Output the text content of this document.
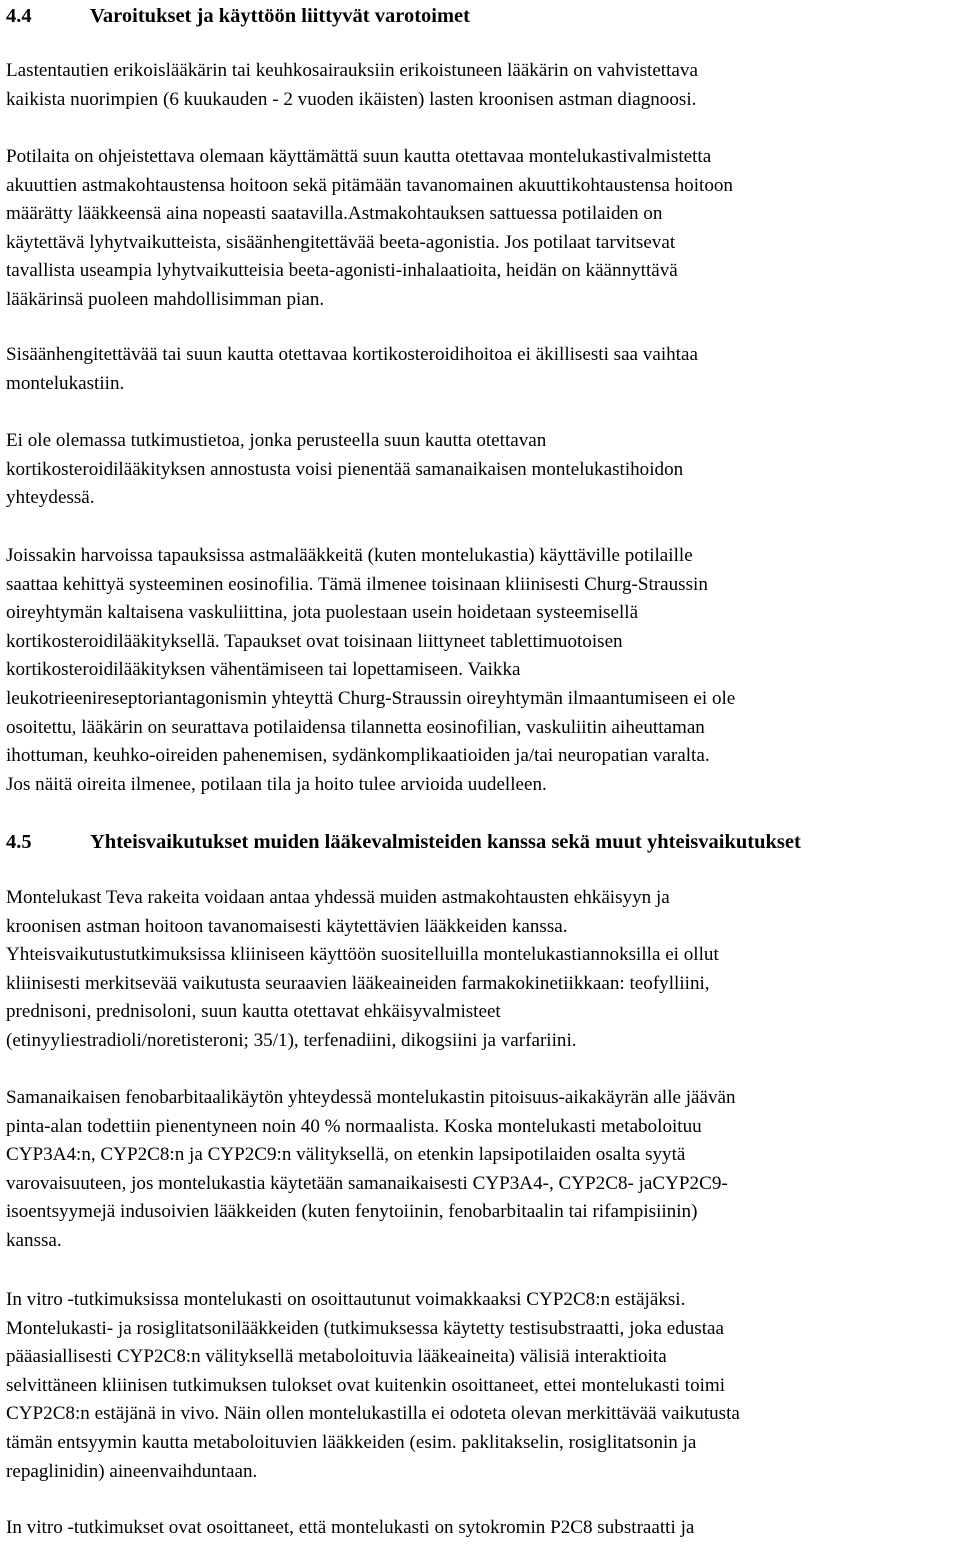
4.4	Varoitukset ja käyttöön liittyvät varotoimet

Lastentautien erikoislääkärin tai keuhkosairauksiin erikoistuneen lääkärin on vahvistettava
kaikista nuorimpien (6 kuukauden - 2 vuoden ikäisten) lasten kroonisen astman diagnoosi.

Potilaita on ohjeistettava olemaan käyttämättä suun kautta otettavaa montelukastivalmistetta
akuuttien astmakohtaustensa hoitoon sekä pitämään tavanomainen akuuttikohtaustensa hoitoon
määrätty lääkkeensä aina nopeasti saatavilla.Astmakohtauksen sattuessa potilaiden on
käytettävä lyhytvaikutteista, sisäänhengitettävää beeta-agonistia. Jos potilaat tarvitsevat
tavallista useampia lyhytvaikutteisia beeta-agonisti-inhalaatioita, heidän on käännyttävä
lääkärinsä puoleen mahdollisimman pian.

Sisäänhengitettävää tai suun kautta otettavaa kortikosteroidihoitoa ei äkillisesti saa vaihtaa
montelukastiin.

Ei ole olemassa tutkimustietoa, jonka perusteella suun kautta otettavan
kortikosteroidilääkityksen annostusta voisi pienentää samanaikaisen montelukastihoidon
yhteydessä.

Joissakin harvoissa tapauksissa astmalääkkeitä (kuten montelukastia) käyttäville potilaille
saattaa kehittyä systeeminen eosinofilia. Tämä ilmenee toisinaan kliinisesti Churg-Straussin
oireyhtymän kaltaisena vaskuliittina, jota puolestaan usein hoidetaan systeemisellä
kortikosteroidilääkityksellä. Tapaukset ovat toisinaan liittyneet tablettimuotoisen
kortikosteroidilääkityksen vähentämiseen tai lopettamiseen. Vaikka
leukotrieenireseptoriantagonismin yhteyttä Churg-Straussin oireyhtymän ilmaantumiseen ei ole
osoitettu, lääkärin on seurattava potilaidensa tilannetta eosinofilian, vaskuliitin aiheuttaman
ihottuman, keuhko-oireiden pahenemisen, sydänkomplikaatioiden ja/tai neuropatian varalta.
Jos näitä oireita ilmenee, potilaan tila ja hoito tulee arvioida uudelleen.

4.5	Yhteisvaikutukset muiden lääkevalmisteiden kanssa sekä muut yhteisvaikutukset

Montelukast Teva rakeita voidaan antaa yhdessä muiden astmakohtausten ehkäisyyn ja
kroonisen astman hoitoon tavanomaisesti käytettävien lääkkeiden kanssa.
Yhteisvaikutustutkimuksissa kliiniseen käyttöön suositelluilla montelukastiannoksilla ei ollut
kliinisesti merkitsevää vaikutusta seuraavien lääkeaineiden farmakokinetiikkaan: teofylliini,
prednisoni, prednisoloni, suun kautta otettavat ehkäisyvalmisteet
(etinyyliestradioli/noretisteroni; 35/1), terfenadiini, dikogsiini ja varfariini.

Samanaikaisen fenobarbitaalikäytön yhteydessä montelukastin pitoisuus-aikakäyrän alle jäävän
pinta-alan todettiin pienentyneen noin 40 % normaalista. Koska montelukasti metaboloituu
CYP3A4:n, CYP2C8:n ja CYP2C9:n välityksellä, on etenkin lapsipotilaiden osalta syytä
varovaisuuteen, jos montelukastia käytetään samanaikaisesti CYP3A4-, CYP2C8- jaCYP2C9-
isoentsyymejä indusoivien lääkkeiden (kuten fenytoiinin, fenobarbitaalin tai rifampisiinin)
kanssa.

In vitro -tutkimuksissa montelukasti on osoittautunut voimakkaaksi CYP2C8:n estäjäksi.
Montelukasti- ja rosiglitatsonilääkkeiden (tutkimuksessa käytetty testisubstraatti, joka edustaa
pääasiallisesti CYP2C8:n välityksellä metaboloituvia lääkeaineita) välisiä interaktioita
selvittäneen kliinisen tutkimuksen tulokset ovat kuitenkin osoittaneet, ettei montelukasti toimi
CYP2C8:n estäjänä in vivo. Näin ollen montelukastilla ei odoteta olevan merkittävää vaikutusta
tämän entsyymin kautta metaboloituvien lääkkeiden (esim. paklitakselin, rosiglitatsonin ja
repaglinidin) aineenvaihduntaan.

In vitro -tutkimukset ovat osoittaneet, että montelukasti on sytokromin P2C8 substraatti ja
